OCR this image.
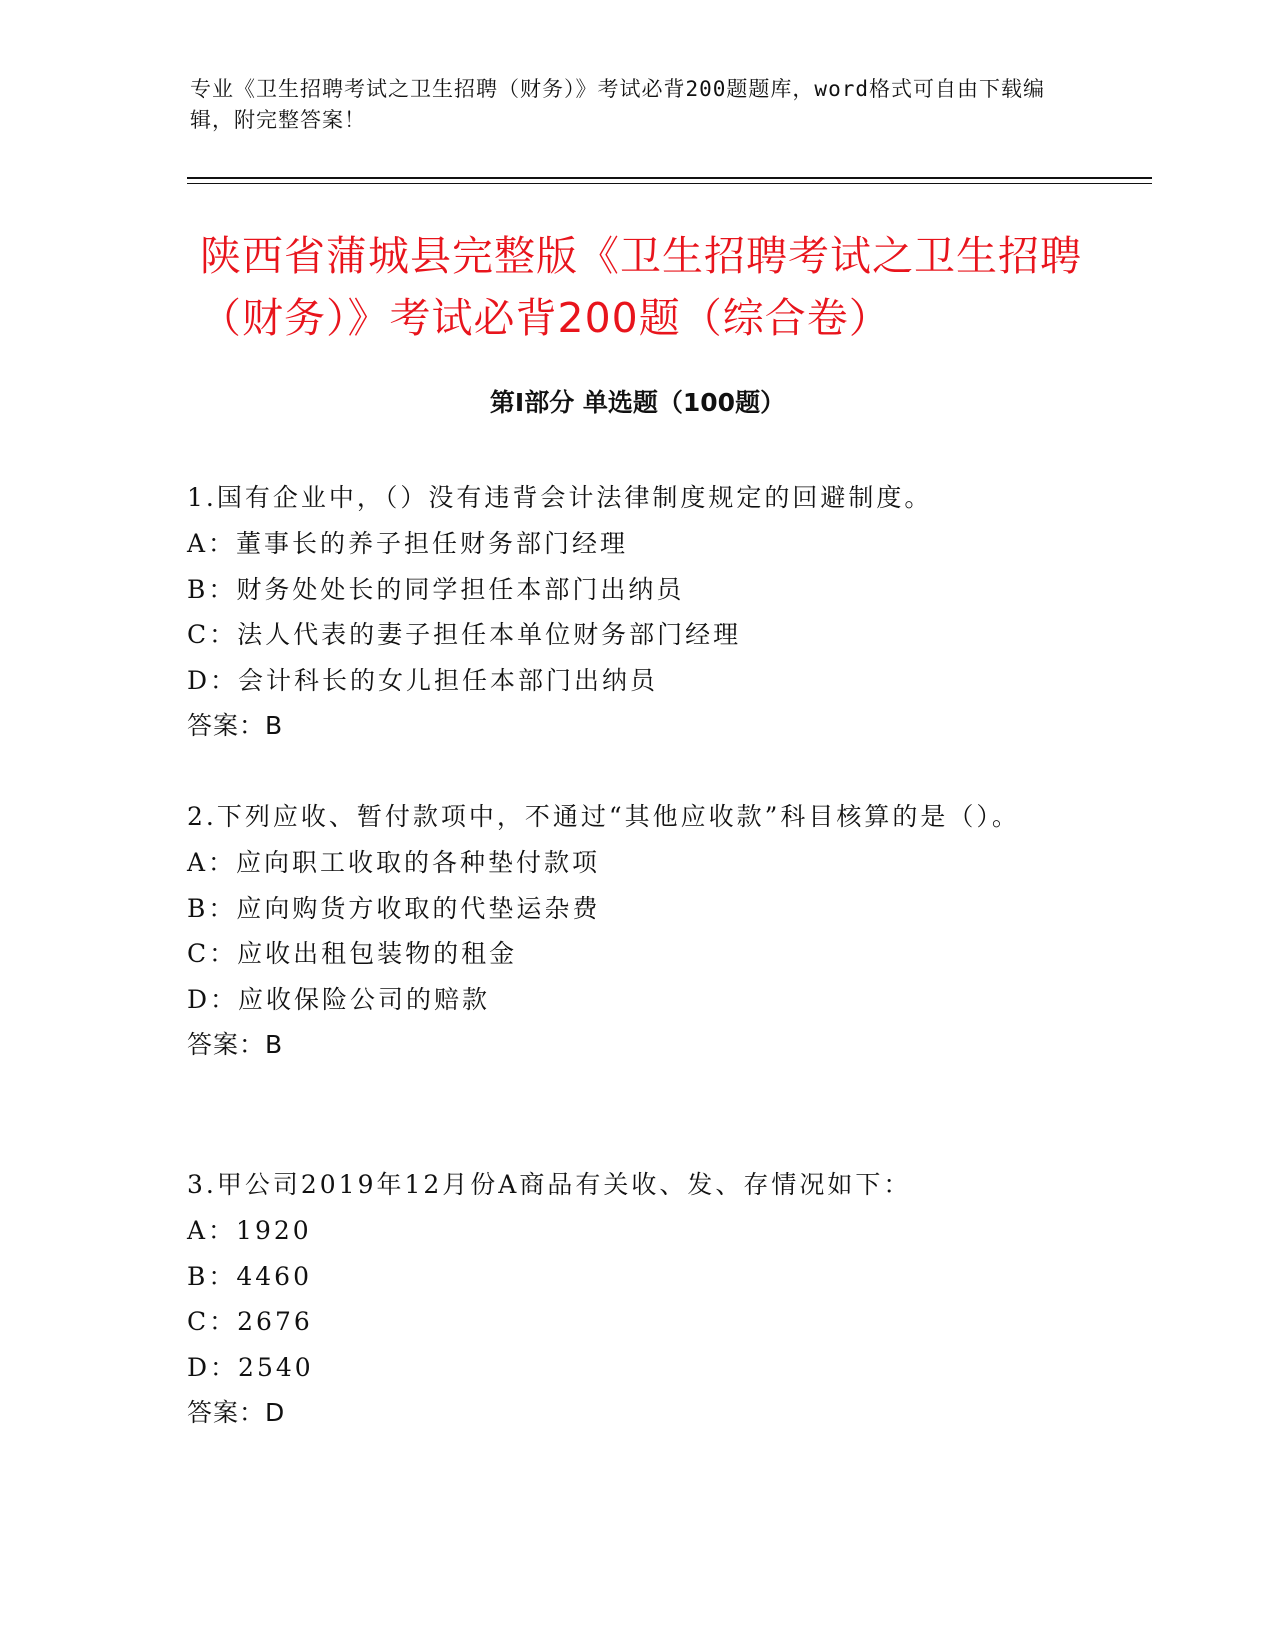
专业《卫生招聘考试之卫生招聘（财务）》考试必背200题题库，word格式可自由下载编辑，附完整答案！
陕西省蒲城县完整版《卫生招聘考试之卫生招聘（财务）》考试必背200题（综合卷）
第Ⅰ部分 单选题（100题）
1.国有企业中，（）没有违背会计法律制度规定的回避制度。
A：董事长的养子担任财务部门经理
B：财务处处长的同学担任本部门出纳员
C：法人代表的妻子担任本单位财务部门经理
D：会计科长的女儿担任本部门出纳员
答案：B
2.下列应收、暂付款项中，不通过“其他应收款”科目核算的是（）。
A：应向职工收取的各种垫付款项
B：应向购货方收取的代垫运杂费
C：应收出租包装物的租金
D：应收保险公司的赔款
答案：B
3.甲公司2019年12月份A商品有关收、发、存情况如下：
A：1920
B：4460
C：2676
D：2540
答案：D
